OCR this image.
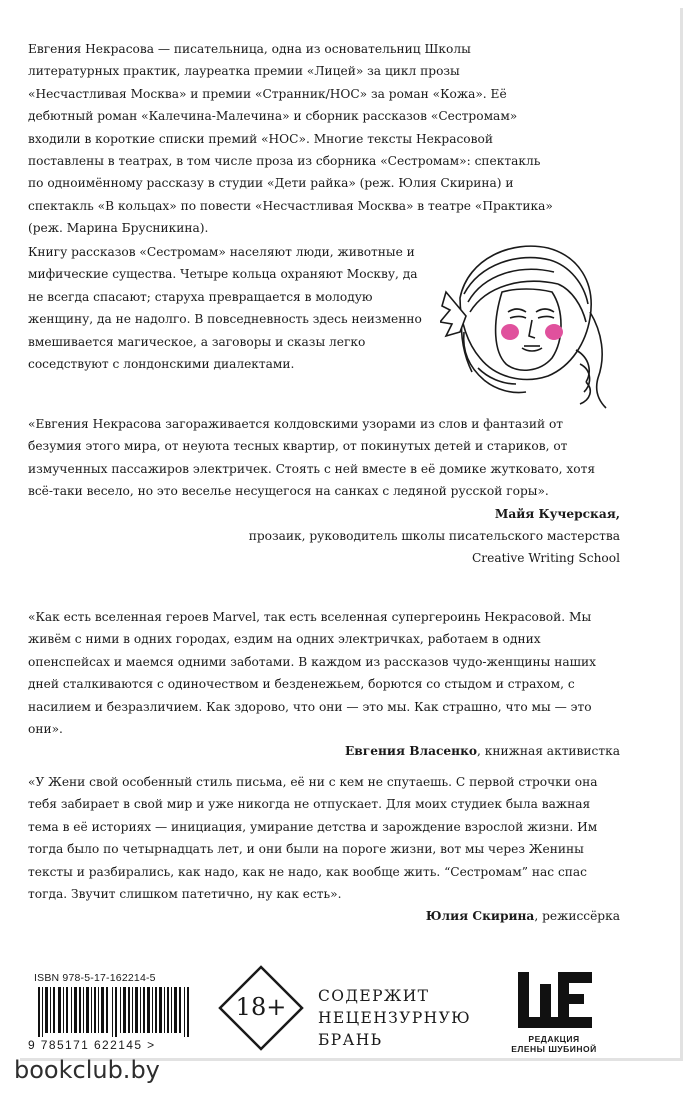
Евгения Некрасова — писательница, одна из основательниц Школы литературных практик, лауреатка премии «Лицей» за цикл прозы «Несчастливая Москва» и премии «Странник/НОС» за роман «Кожа». Её дебютный роман «Калечина-Малечина» и сборник рассказов «Сестромам» входили в короткие списки премий «НОС». Многие тексты Некрасовой поставлены в театрах, в том числе проза из сборника «Сестромам»: спектакль по одноимённому рассказу в студии «Дети райка» (реж. Юлия Скирина) и спектакль «В кольцах» по повести «Несчастливая Москва» в театре «Практика» (реж. Марина Брусникина).

Книгу рассказов «Сестромам» населяют люди, животные и мифические существа. Четыре кольца охраняют Москву, да не всегда спасают; старуха превращается в молодую женщину, да не надолго. В повседневность здесь неизменно вмешивается магическое, а заговоры и сказы легко соседствуют с лондонскими диалектами.

«Евгения Некрасова загораживается колдовскими узорами из слов и фантазий от безумия этого мира, от неуюта тесных квартир, от покинутых детей и стариков, от измученных пассажиров электричек. Стоять с ней вместе в её домике жутковато, хотя всё-таки весело, но это веселье несущегося на санках с ледяной русской горы».

Майя Кучерская,
прозаик, руководитель школы писательского мастерства
Creative Writing School

«Как есть вселенная героев Marvel, так есть вселенная супергероинь Некрасовой. Мы живём с ними в одних городах, ездим на одних электричках, работаем в одних опенспейсах и маемся одними заботами. В каждом из рассказов чудо-женщины наших дней сталкиваются с одиночеством и безденежьем, борются со стыдом и страхом, с насилием и безразличием. Как здорово, что они — это мы. Как страшно, что мы — это они».

Евгения Власенко, книжная активистка

«У Жени свой особенный стиль письма, её ни с кем не спутаешь. С первой строчки она тебя забирает в свой мир и уже никогда не отпускает. Для моих студиек была важная тема в её историях — инициация, умирание детства и зарождение взрослой жизни. Им тогда было по четырнадцать лет, и они были на пороге жизни, вот мы через Женины тексты и разбирались, как надо, как не надо, как вообще жить. “Сестромам” нас спас тогда. Звучит слишком патетично, ну как есть».

Юлия Скирина, режиссёрка
ISBN 978-5-17-162214-5
9 785171 622145 >
18+	СОДЕРЖИТ
НЕЦЕНЗУРНУЮ
БРАНЬ	РЕДАКЦИЯ
ЕЛЕНЫ ШУБИНОЙ
bookclub.by
